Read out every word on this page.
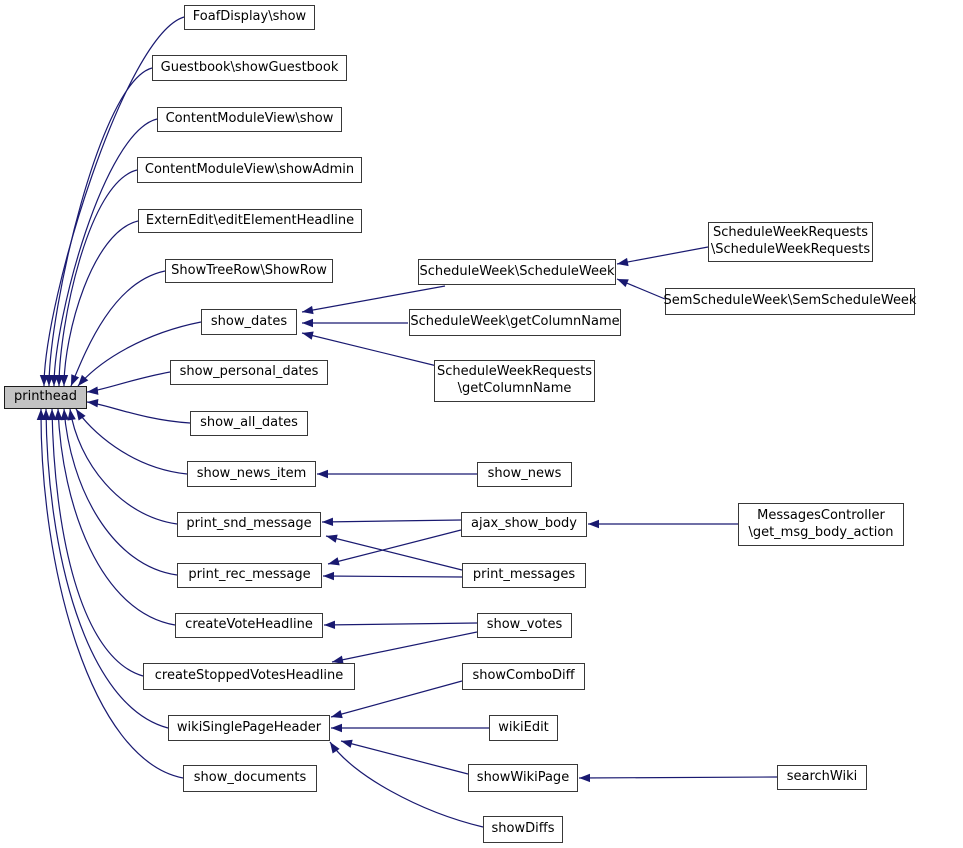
printhead
FoafDisplay\show
Guestbook\showGuestbook
ContentModuleView\show
ContentModuleView\showAdmin
ExternEdit\editElementHeadline
ShowTreeRow\ShowRow
show_dates
show_personal_dates
show_all_dates
show_news_item	show_news
print_snd_message	ajax_show_body
print_rec_message	print_messages
MessagesController
\get_msg_body_action
createVoteHeadline	show_votes
createStoppedVotesHeadline	showComboDiff
wikiSinglePageHeader	wikiEdit
show_documents	showWikiPage
showDiffs
searchWiki
ScheduleWeek\ScheduleWeek
ScheduleWeekRequests
\ScheduleWeekRequests
SemScheduleWeek\SemScheduleWeek
ScheduleWeek\getColumnName
ScheduleWeekRequests
\getColumnName
